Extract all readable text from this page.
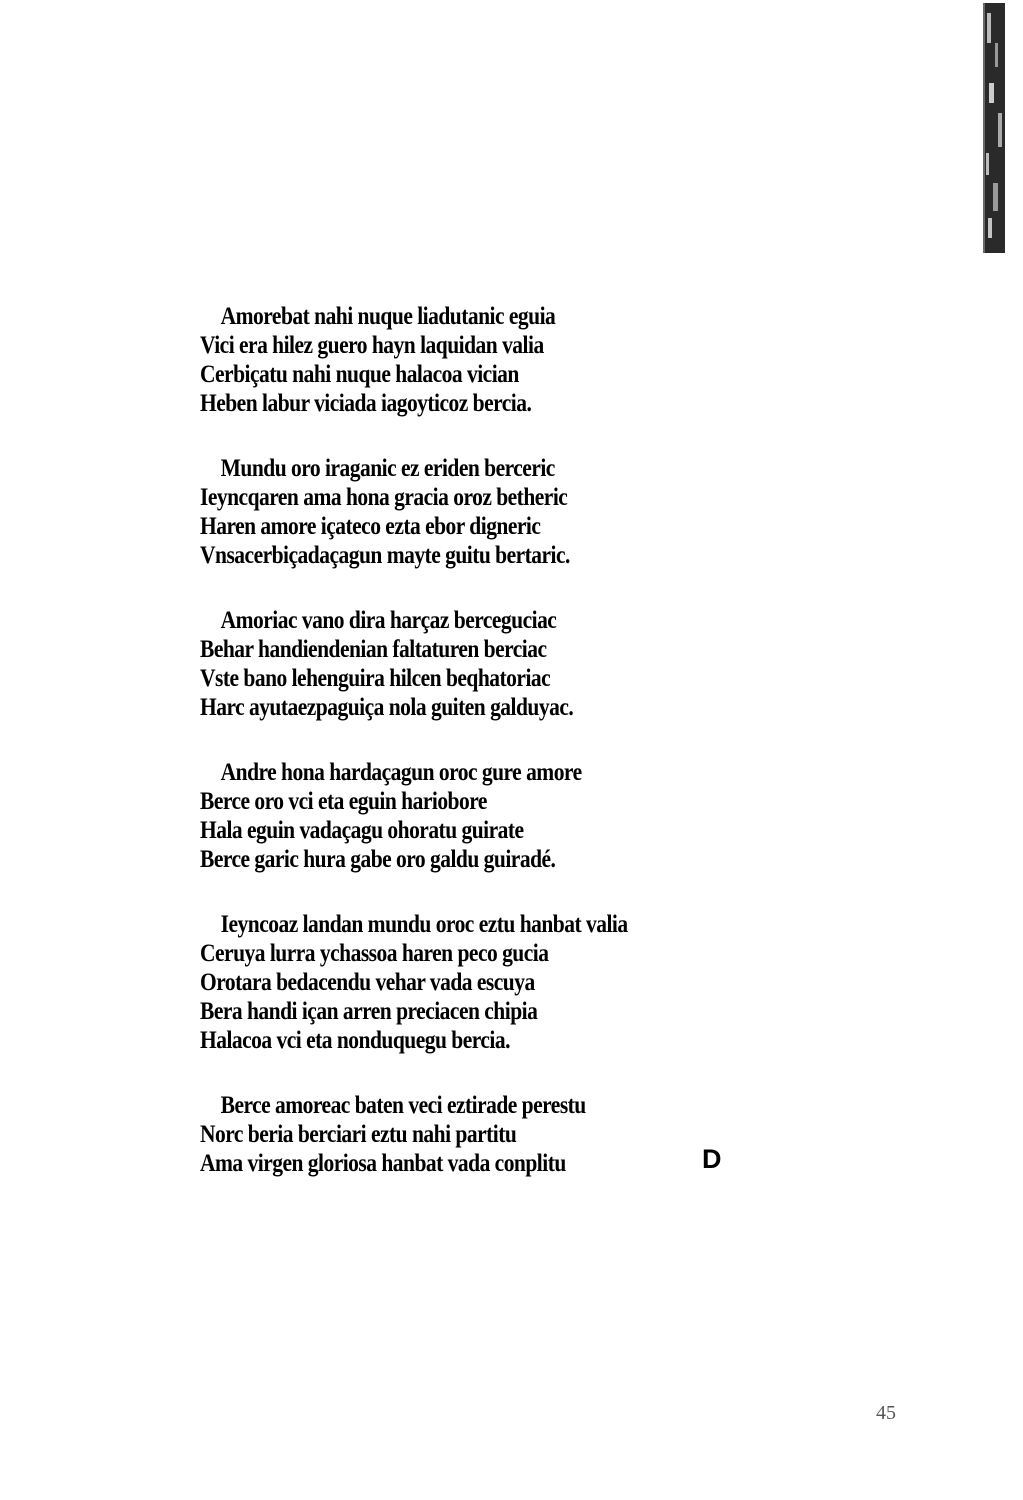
Amorebat nahi nuque liadutanic eguia
Vici era hilez guero hayn laquidan valia
Cerbiçatu nahi nuque halacoa vician
Heben labur viciada iagoyticoz bercia.
Mundu oro iraganic ez eriden berceric
Ieyncqaren ama hona gracia oroz betheric
Haren amore içateco ezta ebor digneric
Vnsacerbiçadaçagun mayte guitu bertaric.
Amoriac vano dira harçaz berceguciac
Behar handiendenian faltaturen berciac
Vste bano lehenguira hilcen beqhatoriac
Harc ayutaezpaguiça nola guiten galduyac.
Andre hona hardaçagun oroc gure amore
Berce oro vci eta eguin hariobore
Hala eguin vadaçagu ohoratu guirate
Berce garic hura gabe oro galdu guiradé.
Ieyncoaz landan mundu oroc eztu hanbat valia
Ceruya lurra ychassoa haren peco gucia
Orotara bedacendu vehar vada escuya
Bera handi içan arren preciacen chipia
Halacoa vci eta nonduquegu bercia.
Berce amoreac baten veci eztirade perestu
Norc beria berciari eztu nahi partitu
Ama virgen gloriosa hanbat vada conplitu	D
45
